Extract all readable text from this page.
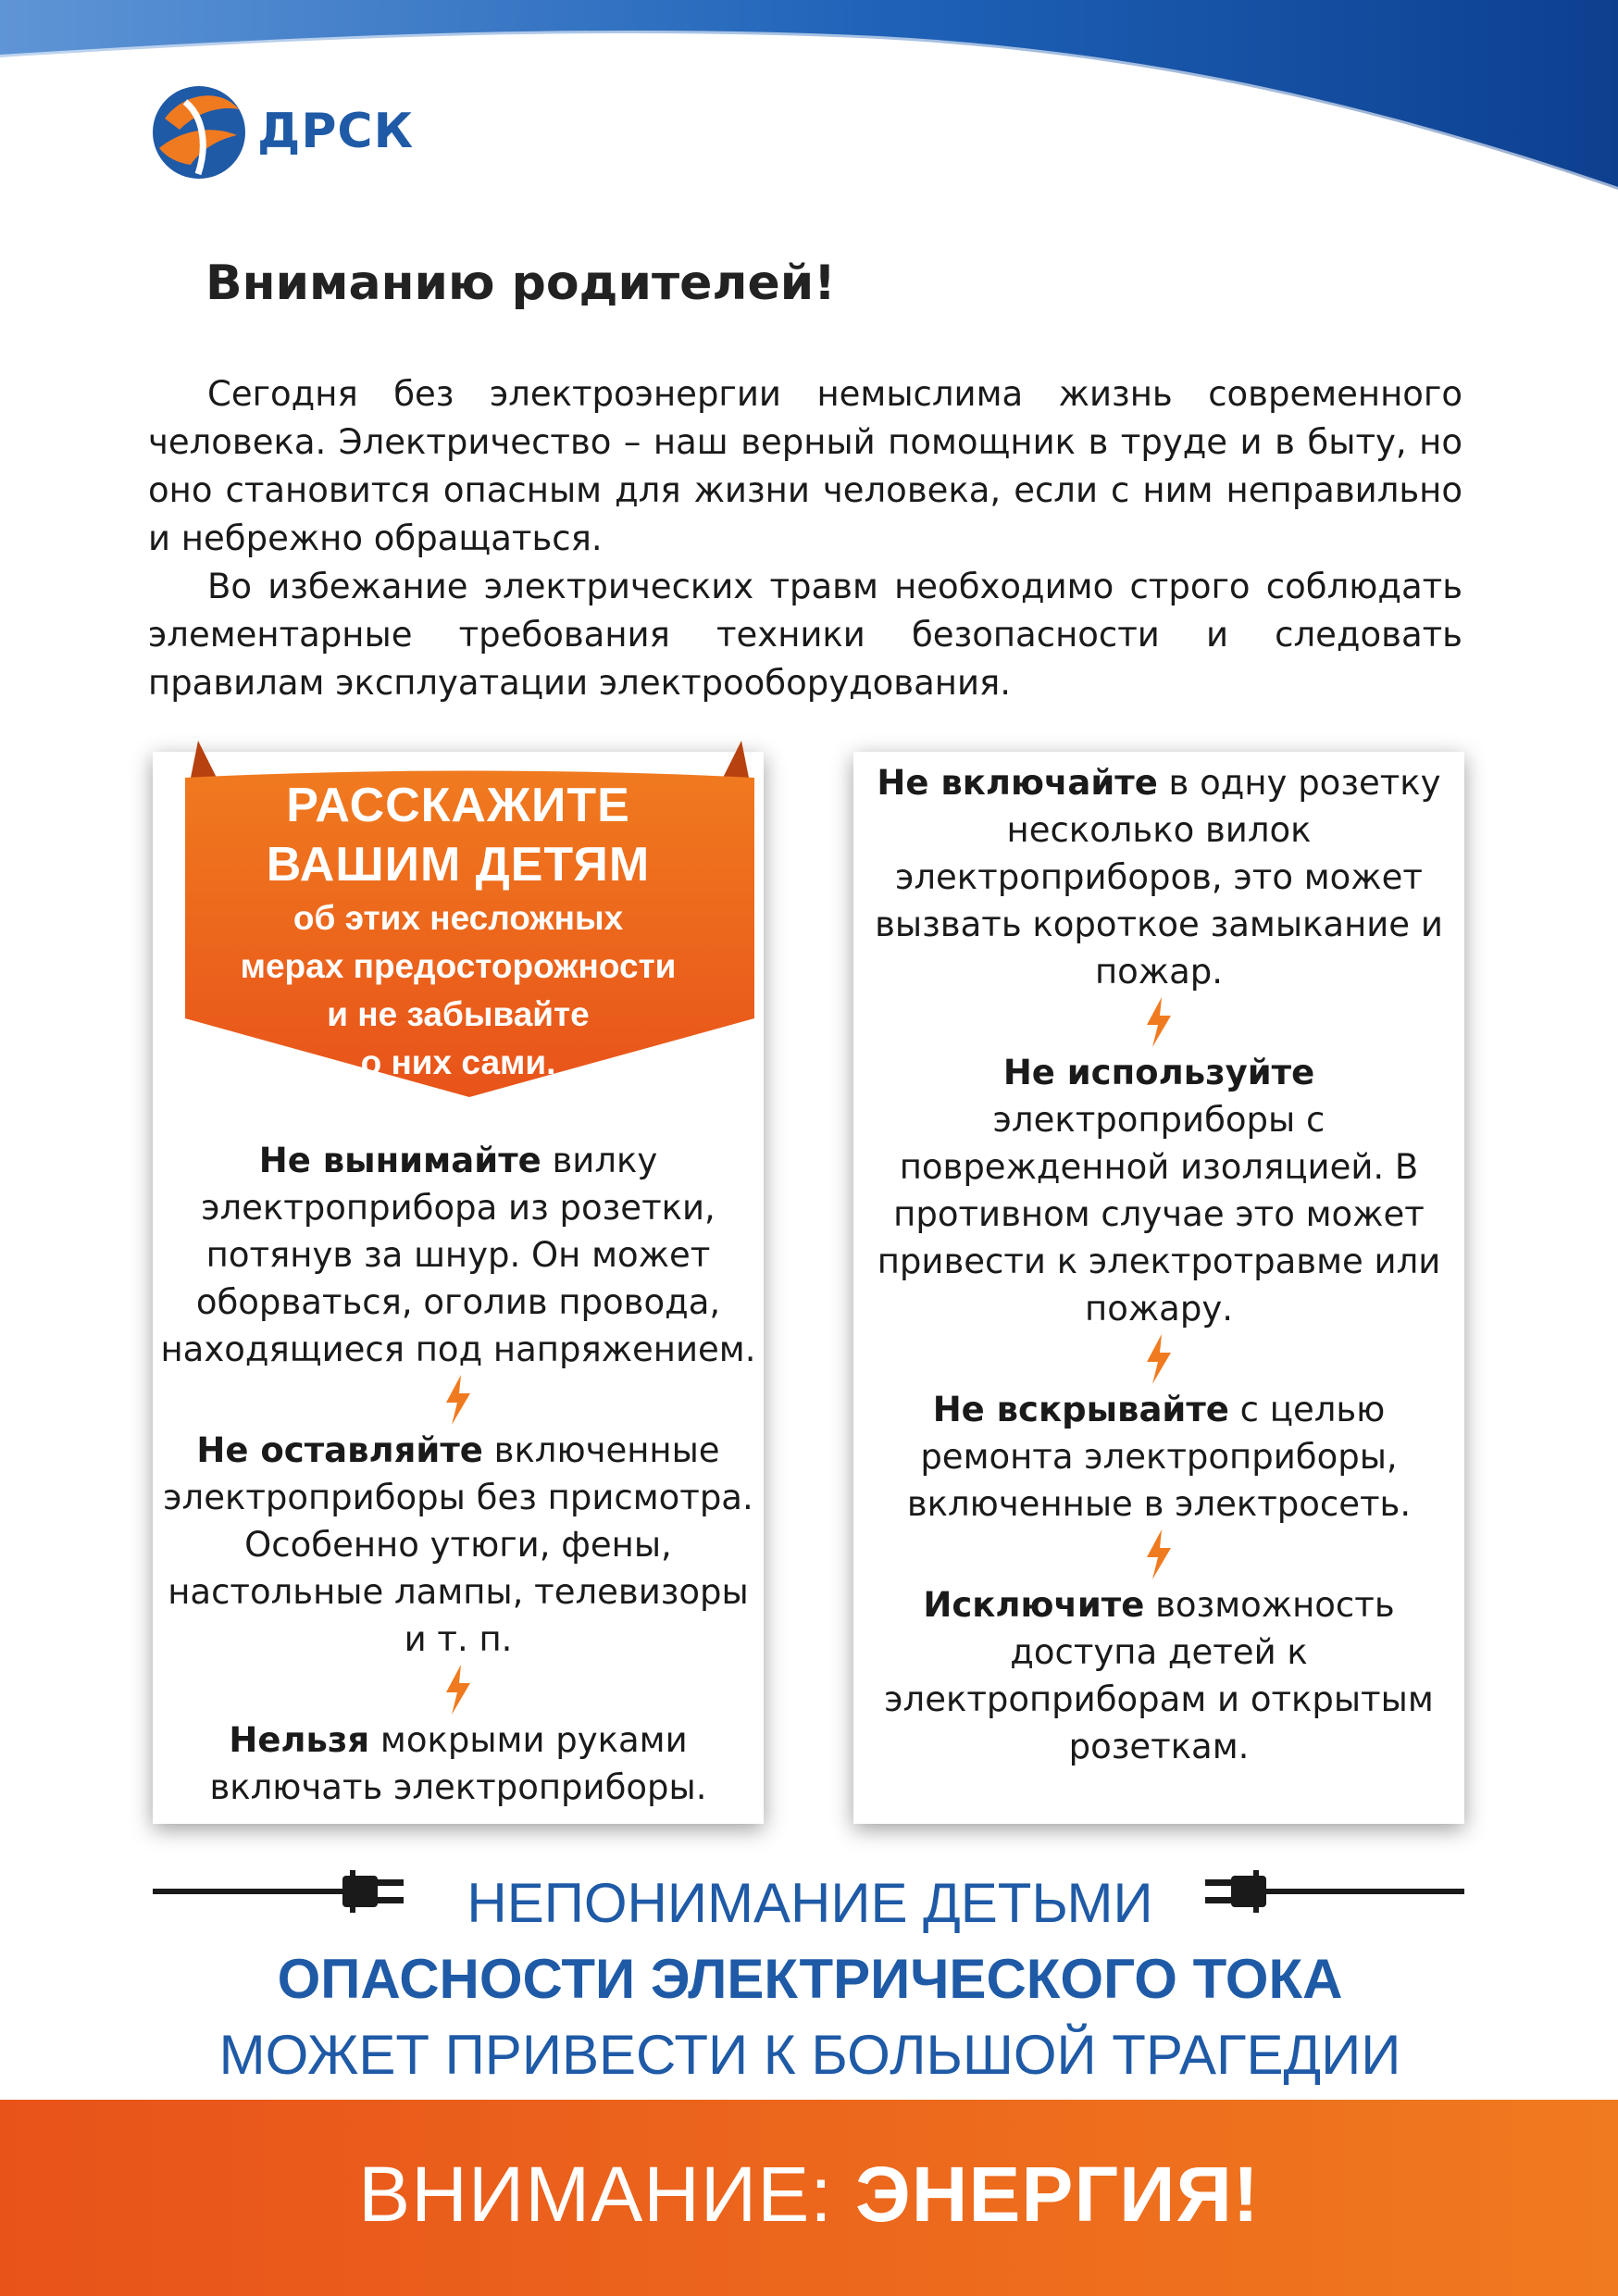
ДРСК
Вниманию родителей!

Сегодня без электроэнергии немыслима жизнь современного человека. Электричество – наш верный помощник в труде и в быту, но оно становится опасным для жизни человека, если с ним неправильно и небрежно обращаться.

Во избежание электрических травм необходимо строго соблюдать элементарные требования техники безопасности и следовать правилам эксплуатации электрооборудования.

РАССКАЖИТЕ
ВАШИМ ДЕТЯМ
об этих несложных
мерах предосторожности
и не забывайте
о них сами.

Не вынимайте вилку электроприбора из розетки, потянув за шнур. Он может оборваться, оголив провода, находящиеся под напряжением.

Не оставляйте включенные электроприборы без присмотра. Особенно утюги, фены, настольные лампы, телевизоры и т. п.

Нельзя мокрыми руками включать электроприборы.

Не включайте в одну розетку несколько вилок электроприборов, это может вызвать короткое замыкание и пожар.

Не используйте электроприборы с поврежденной изоляцией. В противном случае это может привести к электротравме или пожару.

Не вскрывайте с целью ремонта электроприборы, включенные в электросеть.

Исключите возможность доступа детей к электроприборам и открытым розеткам.

НЕПОНИМАНИЕ ДЕТЬМИ
ОПАСНОСТИ ЭЛЕКТРИЧЕСКОГО ТОКА
МОЖЕТ ПРИВЕСТИ К БОЛЬШОЙ ТРАГЕДИИ
ВНИМАНИЕ: ЭНЕРГИЯ!
